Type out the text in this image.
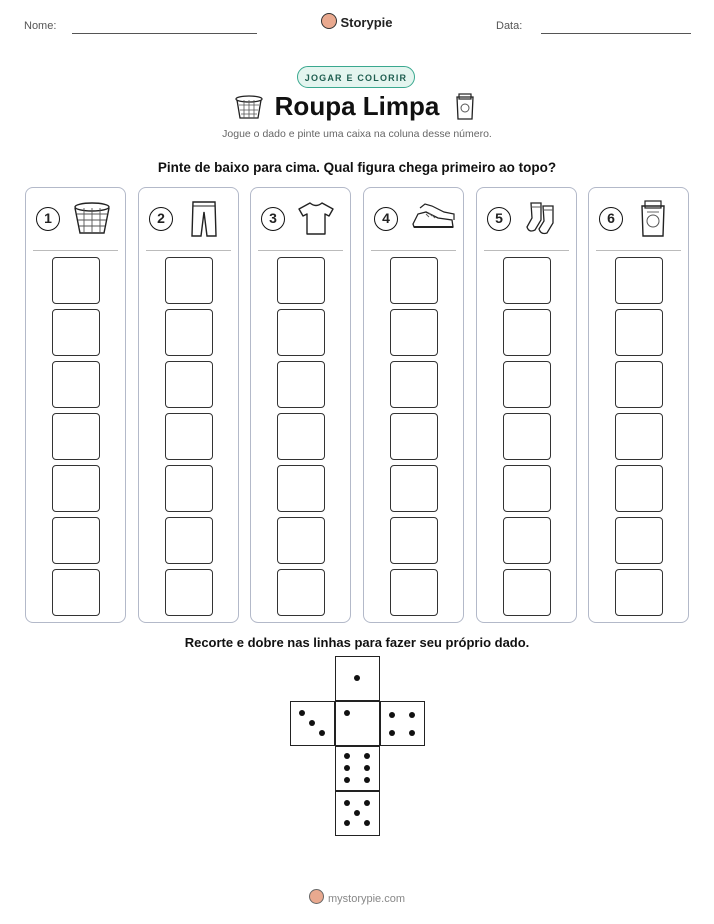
Nome:	Storypie	Data:
JOGAR E COLORIR
Roupa Limpa
Jogue o dado e pinte uma caixa na coluna desse número.
Pinte de baixo para cima. Qual figura chega primeiro ao topo?
1	2	3	4	5	6
Recorte e dobre nas linhas para fazer seu próprio dado.
mystorypie.com
